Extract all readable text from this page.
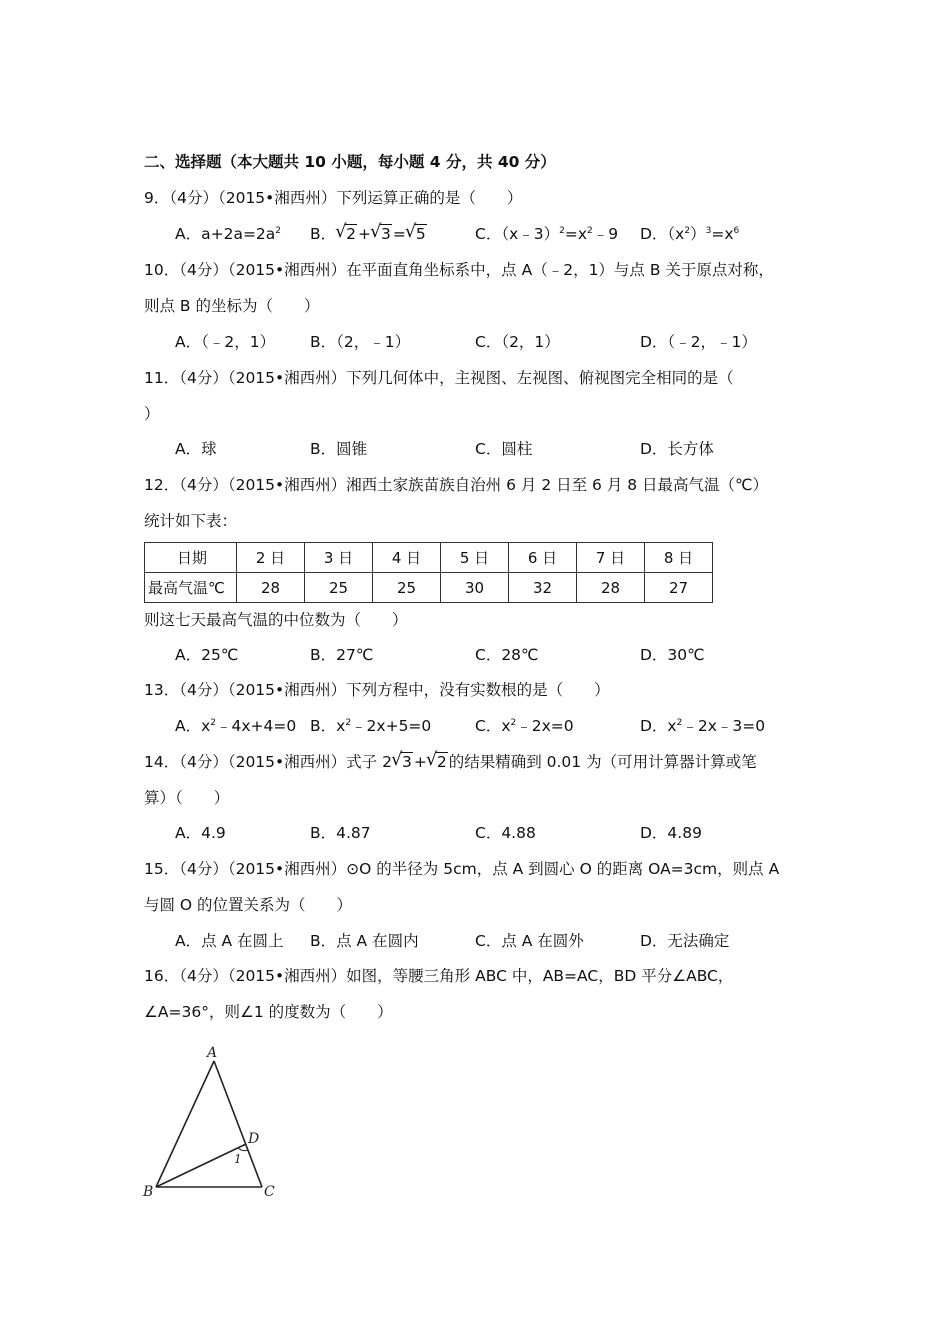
二、选择题（本大题共 10 小题，每小题 4 分，共 40 分）
9．（4分）（2015•湘西州）下列运算正确的是（　　）
A．$a+2a=2a^2$ B． √ 2 + √ 3 = √ 5	C．$(x﹣3)^2=x^2﹣9$ D．$(x^2)^3=x^6$
10．（4分）（2015•湘西州）在平面直角坐标系中，点 A（﹣2，1）与点 B 关于原点对称，
则点 B 的坐标为（　　）
A．（﹣2，1） B．（2，﹣1）	C．（2，1）	D．（﹣2，﹣1）
11．（4分）（2015•湘西州）下列几何体中，主视图、左视图、俯视图完全相同的是（
）
A．球	B．圆锥	C．圆柱	D．长方体
12．（4分）（2015•湘西州）湘西土家族苗族自治州 6 月 2 日至 6 月 8 日最高气温（℃）
统计如下表：
日期	2 日	3 日	4 日	5 日	6 日	7 日	8 日
最高气温℃	28	25	25	30	32	28	27
则这七天最高气温的中位数为（　　）
A．25℃	B．27℃	C．28℃	D．30℃
13．（4分）（2015•湘西州）下列方程中，没有实数根的是（　　）
A．$x^2﹣4x+4=0$ B．$x^2﹣2x+5=0$	C．$x^2﹣2x=0$	D．$x^2﹣2x﹣3=0$
14．（4分）（2015•湘西州）式子 2 √ 3 + √ 2 的结果精确到 0.01 为（可用计算器计算或笔
算）（　　）
A．4.9	B．4.87	C．4.88	D．4.89
15．（4分）（2015•湘西州）⊙O 的半径为 5cm，点 A 到圆心 O 的距离 OA=3cm，则点 A
与圆 O 的位置关系为（　　）
A．点 A 在圆上 B．点 A 在圆内	C．点 A 在圆外	D．无法确定
16．（4分）（2015•湘西州）如图，等腰三角形 ABC 中，AB=AC，BD 平分∠ABC，
∠A=36°，则∠1 的度数为（　　）
A
B	C
D
1
